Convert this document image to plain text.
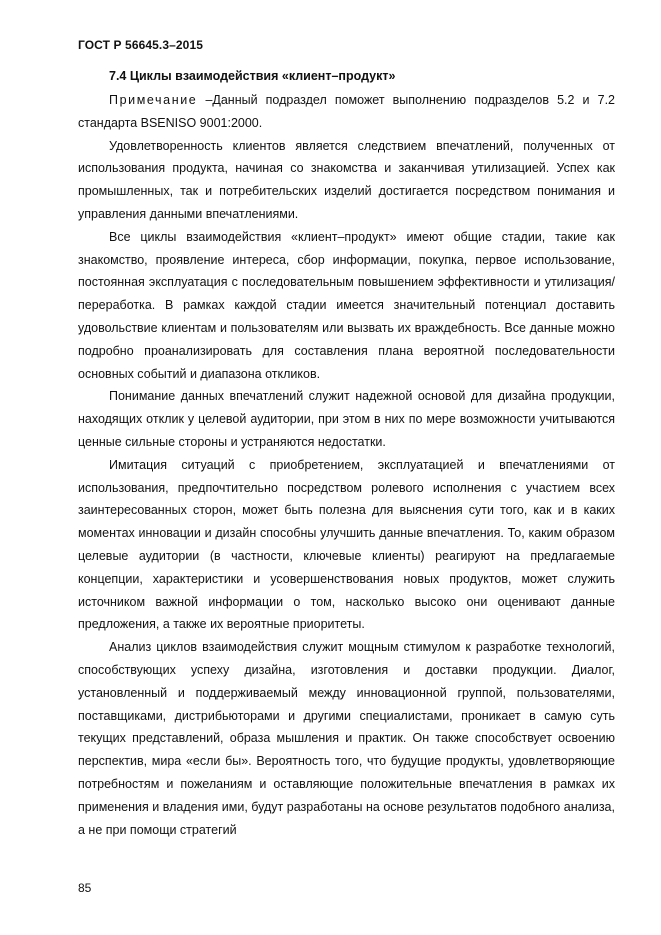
ГОСТ Р 56645.3–2015
7.4 Циклы взаимодействия «клиент–продукт»

Примечание –Данный подраздел поможет выполнению подразделов 5.2 и 7.2 стандарта BSENISO 9001:2000.

Удовлетворенность клиентов является следствием впечатлений, полученных от использования продукта, начиная со знакомства и заканчивая утилизацией. Успех как промышленных, так и потребительских изделий достигается посредством понимания и управления данными впечатлениями.

Все циклы взаимодействия «клиент–продукт» имеют общие стадии, такие как знакомство, проявление интереса, сбор информации, покупка, первое использование, постоянная эксплуатация с последовательным повышением эффективности и утилизация/переработка. В рамках каждой стадии имеется значительный потенциал доставить удовольствие клиентам и пользователям или вызвать их враждебность. Все данные можно подробно проанализировать для составления плана вероятной последовательности основных событий и диапазона откликов.

Понимание данных впечатлений служит надежной основой для дизайна продукции, находящих отклик у целевой аудитории, при этом в них по мере возможности учитываются ценные сильные стороны и устраняются недостатки.

Имитация ситуаций с приобретением, эксплуатацией и впечатлениями от использования, предпочтительно посредством ролевого исполнения с участием всех заинтересованных сторон, может быть полезна для выяснения сути того, как и в каких моментах инновации и дизайн способны улучшить данные впечатления. То, каким образом целевые аудитории (в частности, ключевые клиенты) реагируют на предлагаемые концепции, характеристики и усовершенствования новых продуктов, может служить источником важной информации о том, насколько высоко они оценивают данные предложения, а также их вероятные приоритеты.

Анализ циклов взаимодействия служит мощным стимулом к разработке технологий, способствующих успеху дизайна, изготовления и доставки продукции. Диалог, установленный и поддерживаемый между инновационной группой, пользователями, поставщиками, дистрибьюторами и другими специалистами, проникает в самую суть текущих представлений, образа мышления и практик. Он также способствует освоению перспектив, мира «если бы». Вероятность того, что будущие продукты, удовлетворяющие потребностям и пожеланиям и оставляющие положительные впечатления в рамках их применения и владения ими, будут разработаны на основе результатов подобного анализа, а не при помощи стратегий

85
